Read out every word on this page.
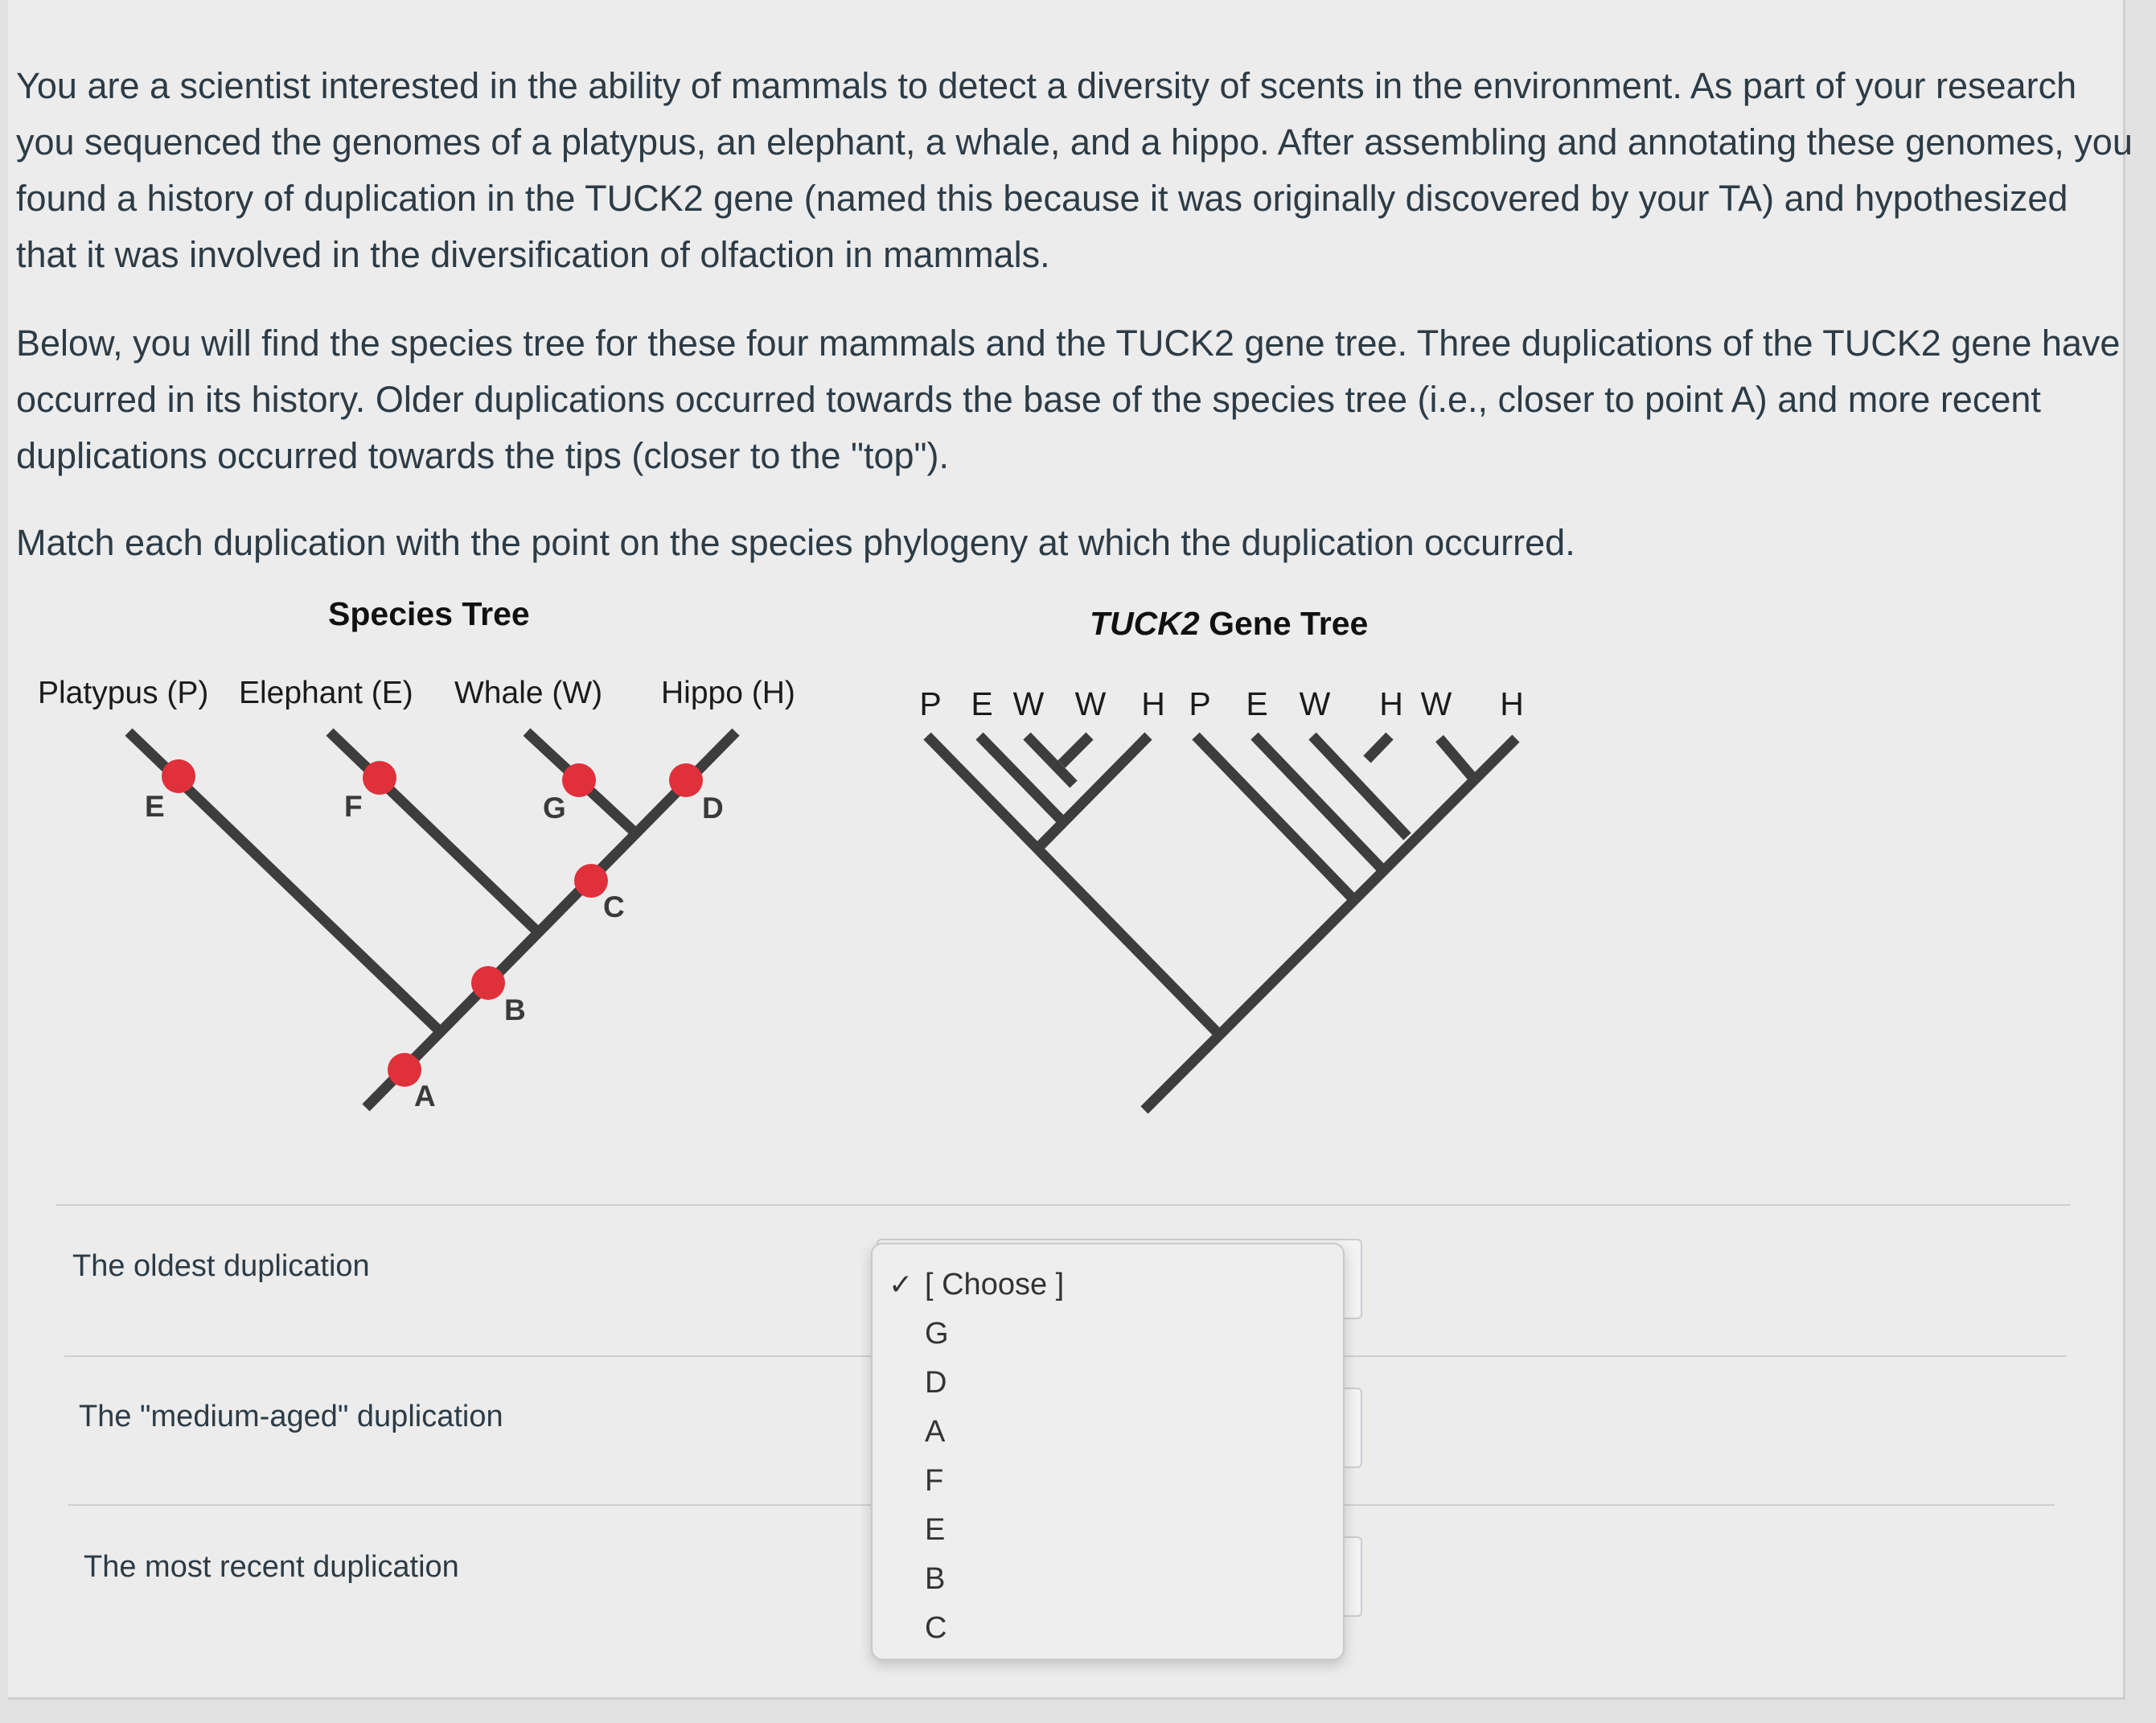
You are a scientist interested in the ability of mammals to detect a diversity of scents in the environment. As part of your research
you sequenced the genomes of a platypus, an elephant, a whale, and a hippo. After assembling and annotating these genomes, you
found a history of duplication in the TUCK2 gene (named this because it was originally discovered by your TA) and hypothesized
that it was involved in the diversification of olfaction in mammals.
Below, you will find the species tree for these four mammals and the TUCK2 gene tree. Three duplications of the TUCK2 gene have
occurred in its history. Older duplications occurred towards the base of the species tree (i.e., closer to point A) and more recent
duplications occurred towards the tips (closer to the "top").
Match each duplication with the point on the species phylogeny at which the duplication occurred.
Species Tree	TUCK2 Gene Tree
Platypus (P) Elephant (E) Whale (W) Hippo (H)	P E W W H P E W H W H
E	F	G	D
C
B
A
The oldest duplication
The "medium-aged" duplication
The most recent duplication
✓ [ Choose ]
G
D
A
F
E
B
C
